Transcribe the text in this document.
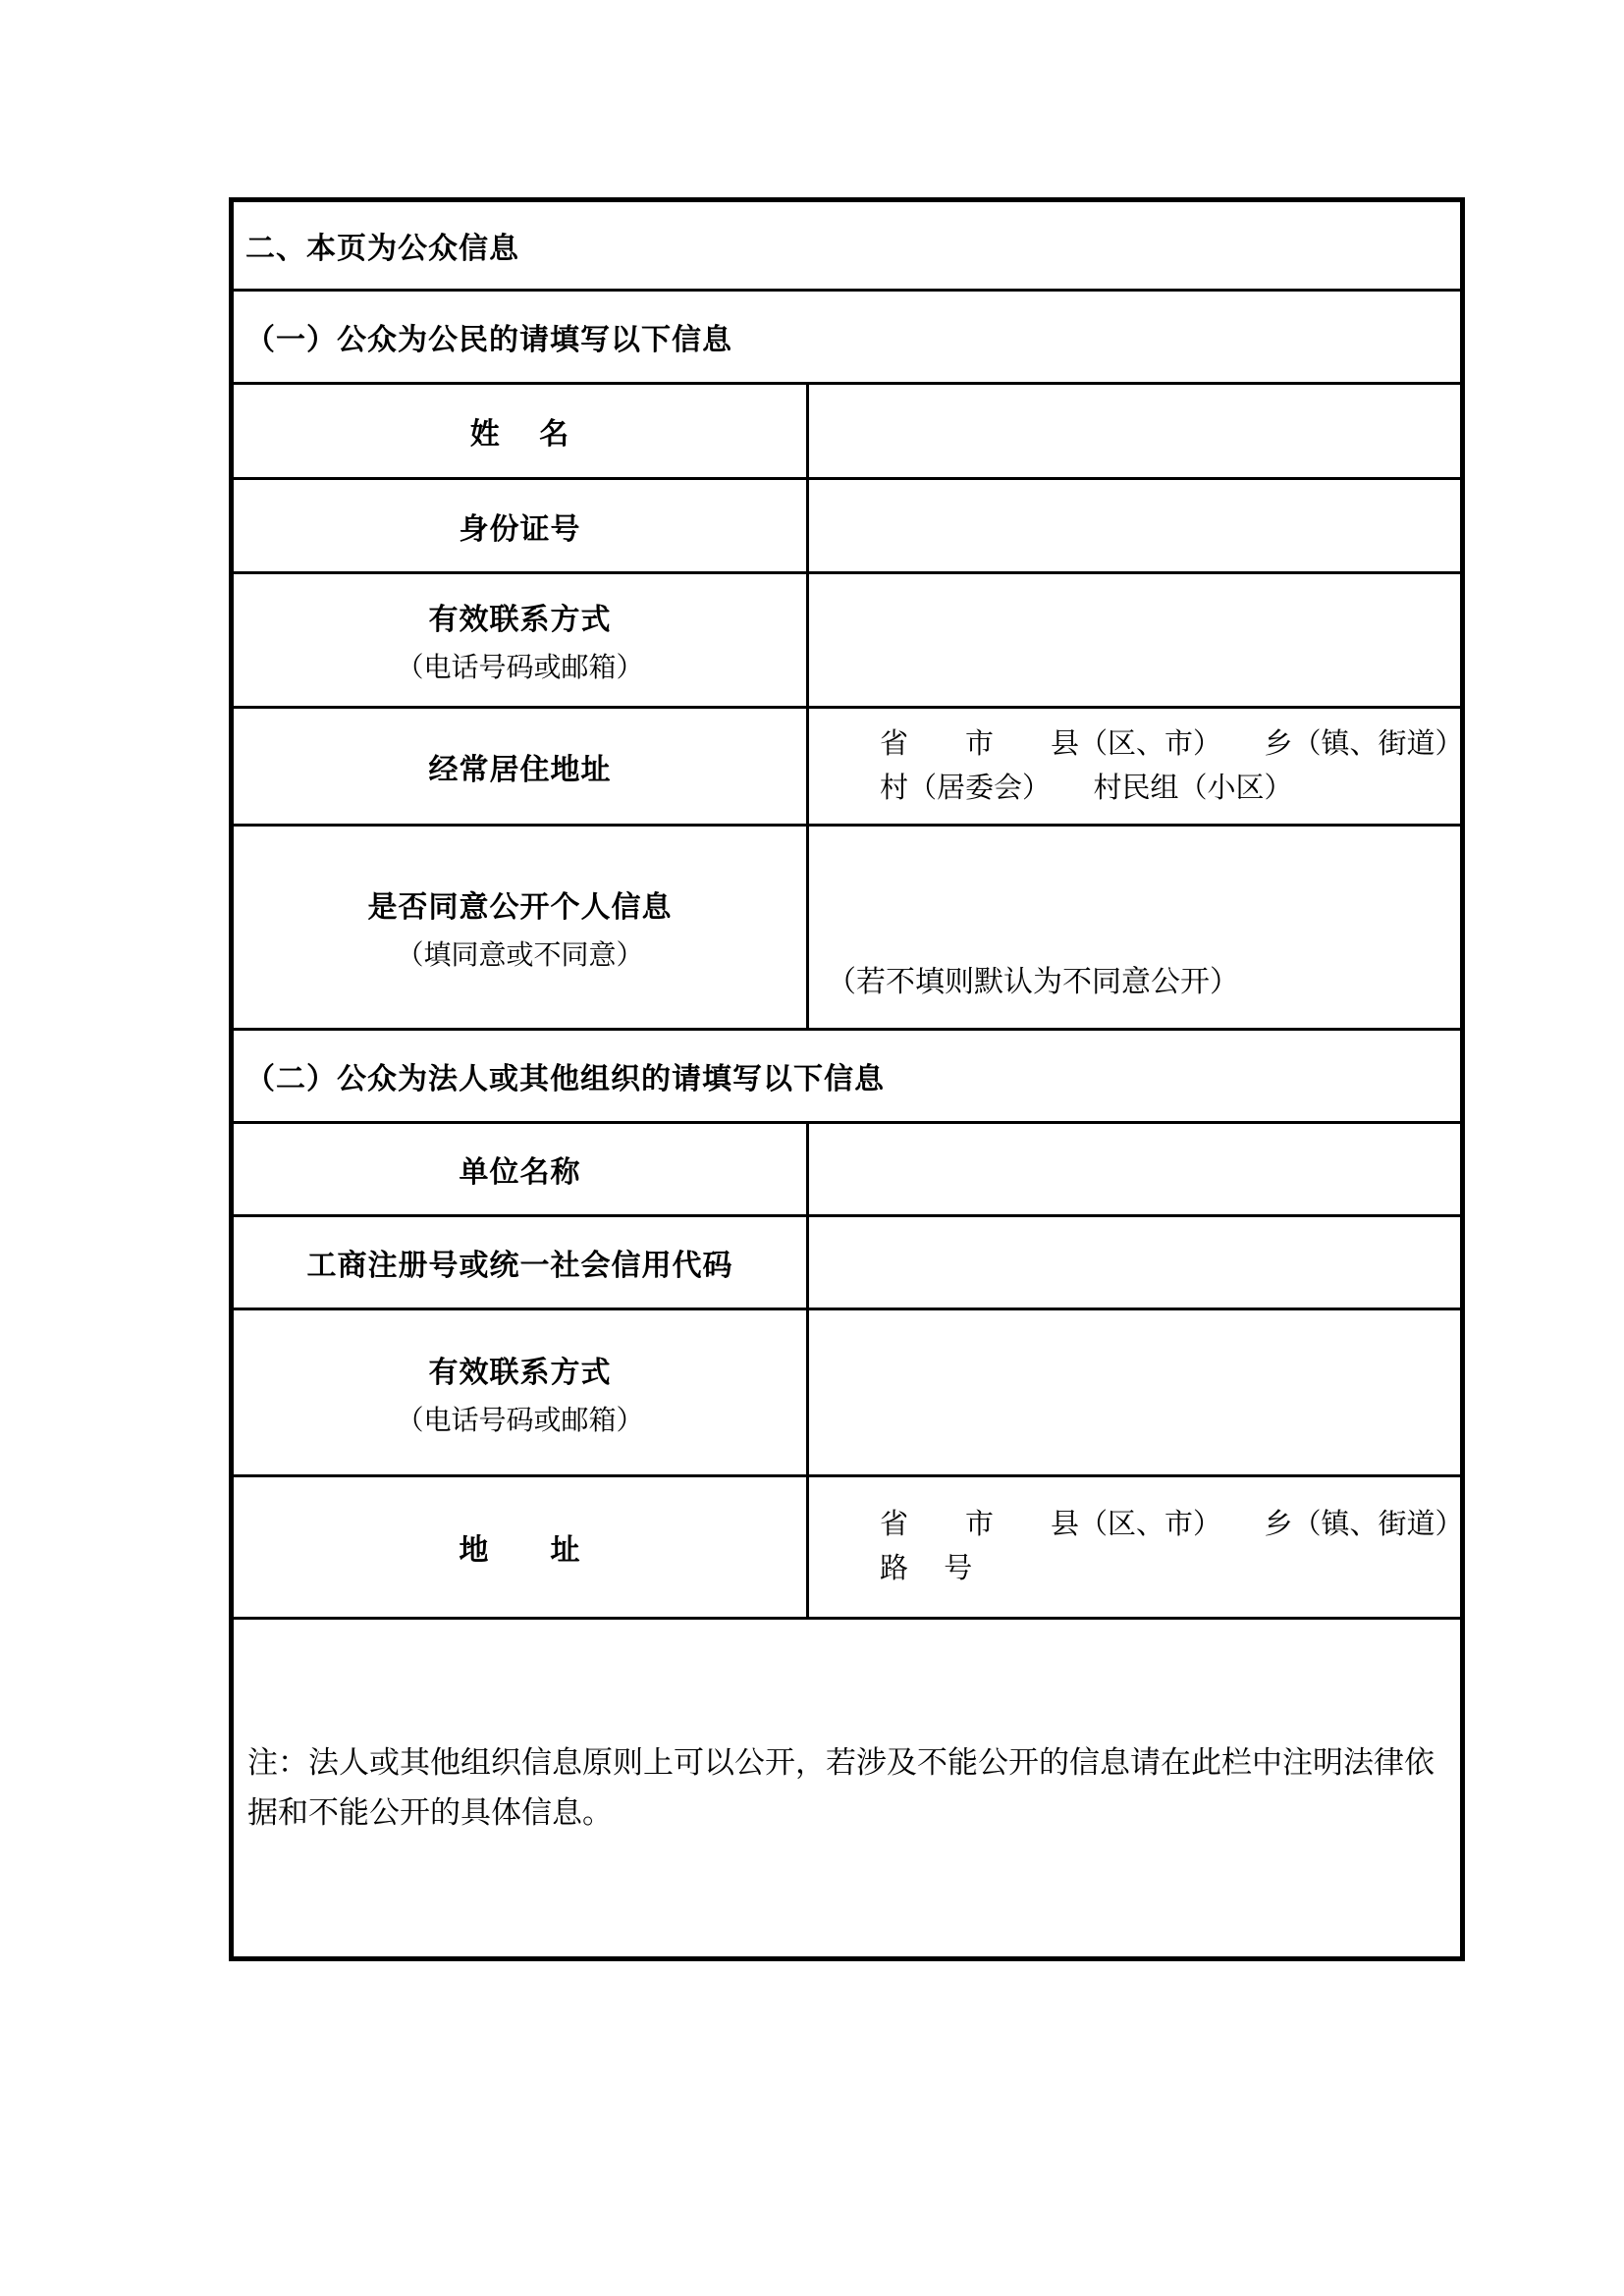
二、本页为公众信息
（一）公众为公民的请填写以下信息
姓　 名
身份证号
有效联系方式
（电话号码或邮箱）
经常居住地址
省　　市　　县（区、市）　　乡（镇、街道）
村（居委会）　　村民组（小区）
是否同意公开个人信息
（填同意或不同意）
（若不填则默认为不同意公开）
（二）公众为法人或其他组织的请填写以下信息
单位名称
工商注册号或统一社会信用代码
有效联系方式
（电话号码或邮箱）
地　　址
省　　市　　县（区、市）　　乡（镇、街道）
路　 号
注：法人或其他组织信息原则上可以公开，若涉及不能公开的信息请在此栏中注明法律依据和不能公开的具体信息。
